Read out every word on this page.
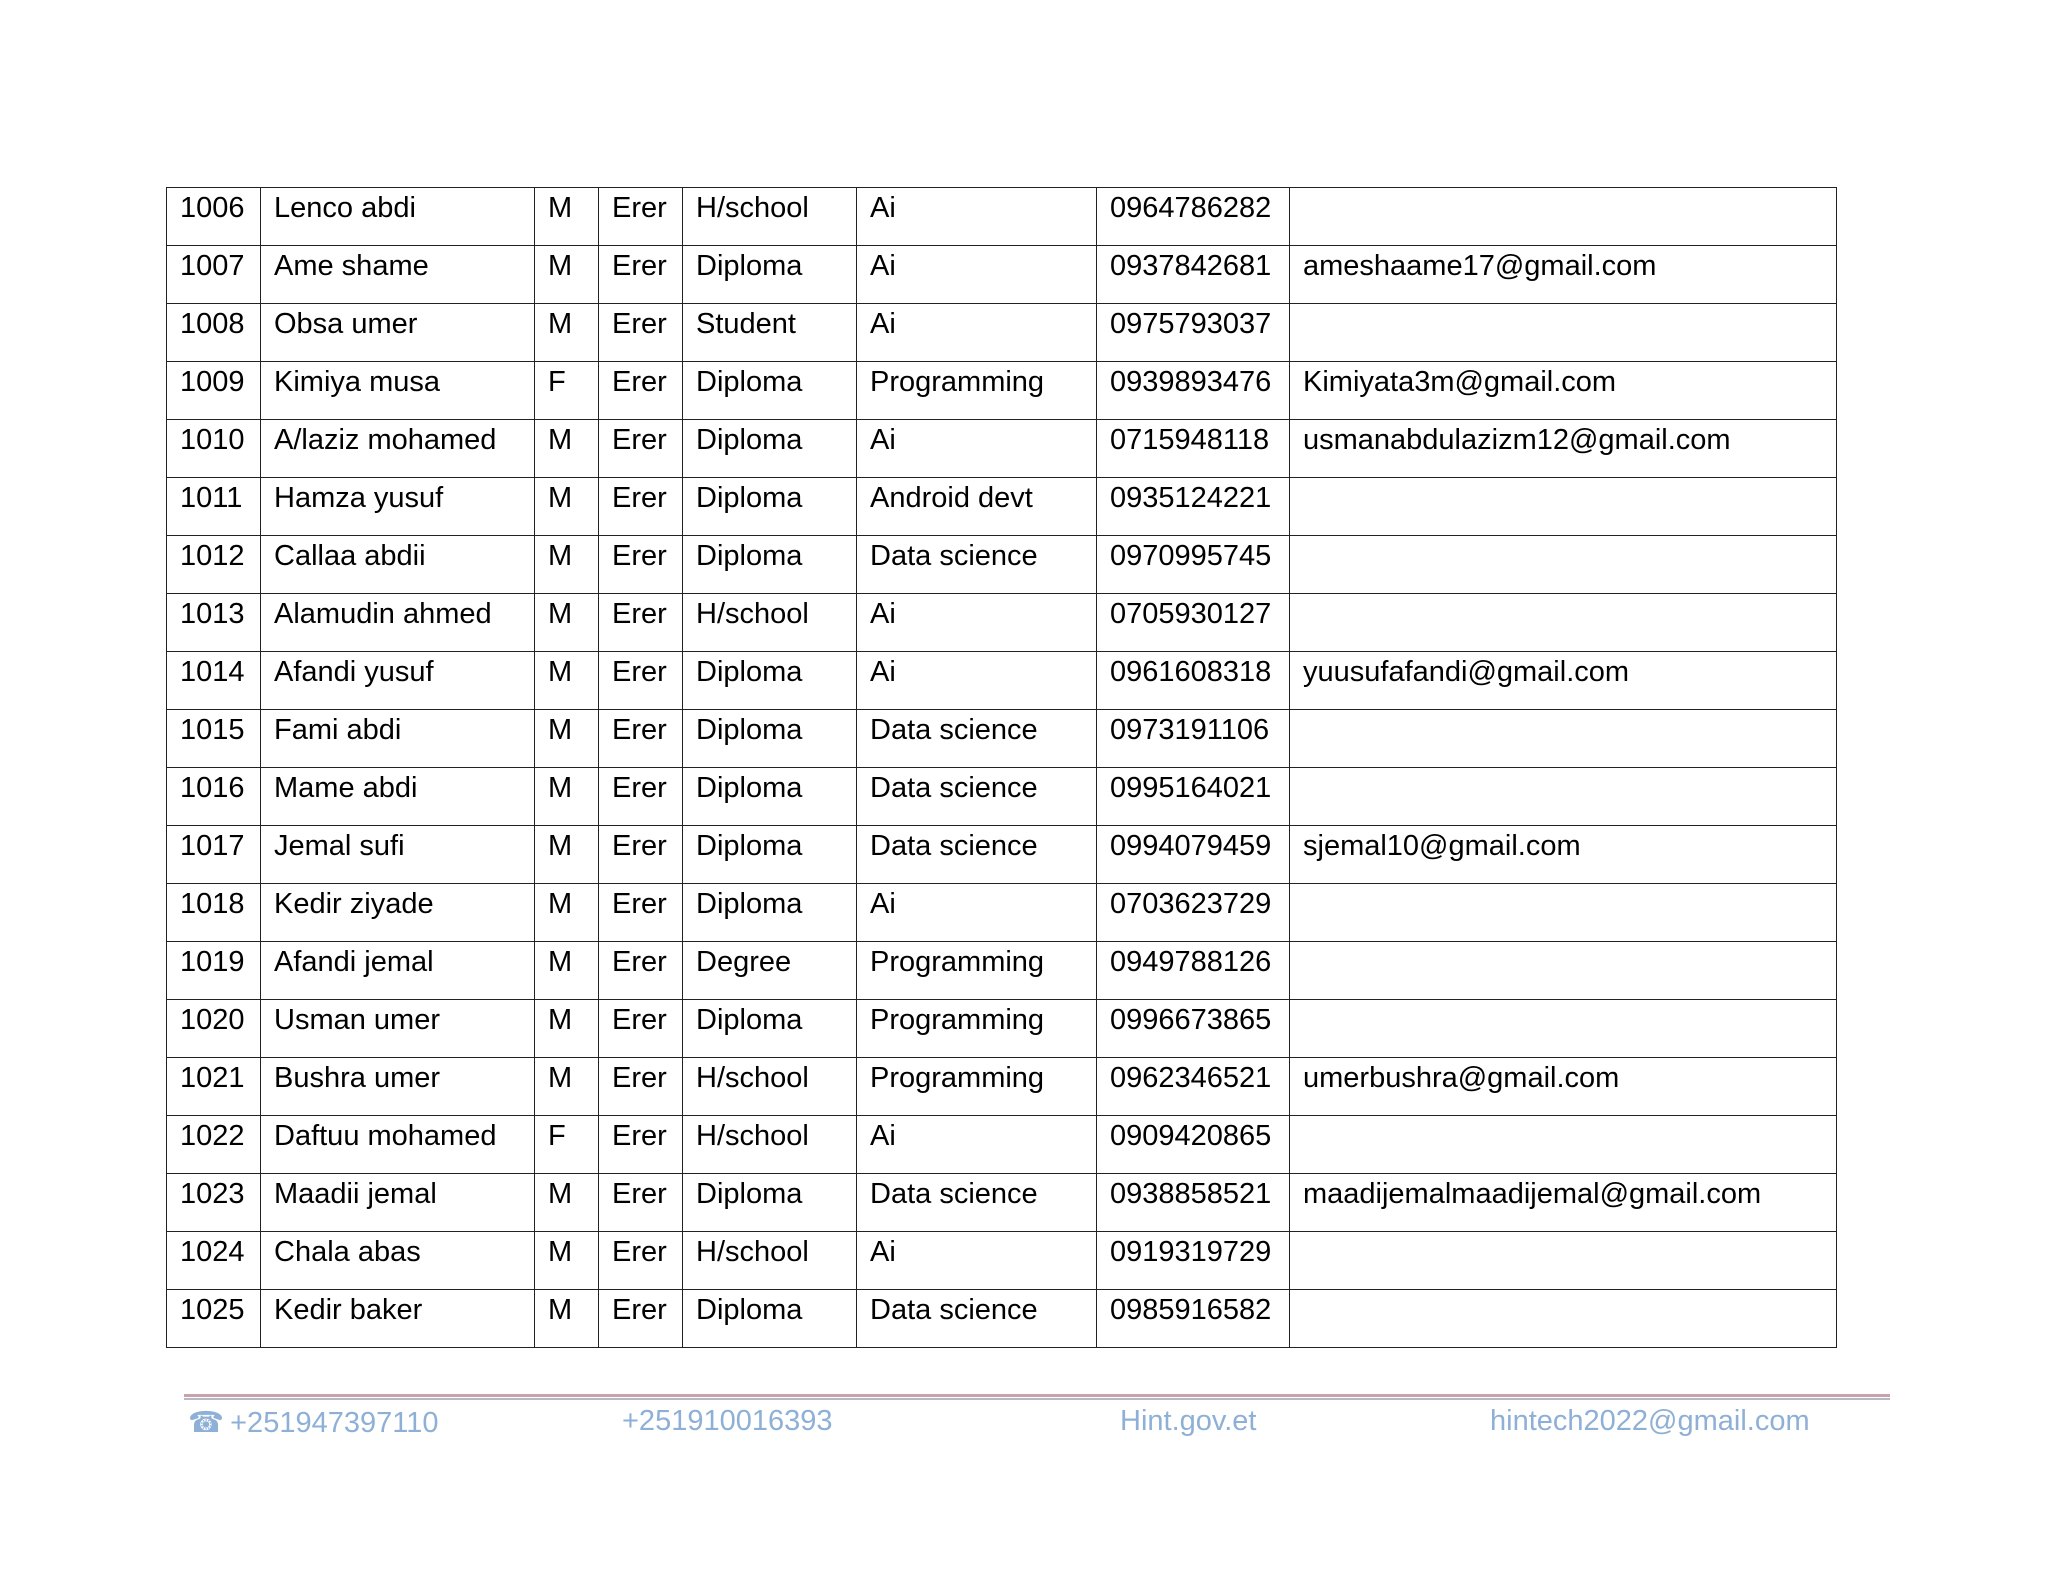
1006	Lenco abdi	M	Erer	H/school	Ai	0964786282	
1007	Ame shame	M	Erer	Diploma	Ai	0937842681	ameshaame17@gmail.com
1008	Obsa umer	M	Erer	Student	Ai	0975793037	
1009	Kimiya musa	F	Erer	Diploma	Programming	0939893476	Kimiyata3m@gmail.com
1010	A/laziz mohamed	M	Erer	Diploma	Ai	0715948118	usmanabdulazizm12@gmail.com
1011	Hamza yusuf	M	Erer	Diploma	Android devt	0935124221	
1012	Callaa abdii	M	Erer	Diploma	Data science	0970995745	
1013	Alamudin ahmed	M	Erer	H/school	Ai	0705930127	
1014	Afandi yusuf	M	Erer	Diploma	Ai	0961608318	yuusufafandi@gmail.com
1015	Fami abdi	M	Erer	Diploma	Data science	0973191106	
1016	Mame abdi	M	Erer	Diploma	Data science	0995164021	
1017	Jemal sufi	M	Erer	Diploma	Data science	0994079459	sjemal10@gmail.com
1018	Kedir ziyade	M	Erer	Diploma	Ai	0703623729	
1019	Afandi jemal	M	Erer	Degree	Programming	0949788126	
1020	Usman umer	M	Erer	Diploma	Programming	0996673865	
1021	Bushra umer	M	Erer	H/school	Programming	0962346521	umerbushra@gmail.com
1022	Daftuu mohamed	F	Erer	H/school	Ai	0909420865	
1023	Maadii jemal	M	Erer	Diploma	Data science	0938858521	maadijemalmaadijemal@gmail.com
1024	Chala abas	M	Erer	H/school	Ai	0919319729	
1025	Kedir baker	M	Erer	Diploma	Data science	0985916582	
☎ +251947397110	+251910016393	Hint.gov.et	hintech2022@gmail.com
